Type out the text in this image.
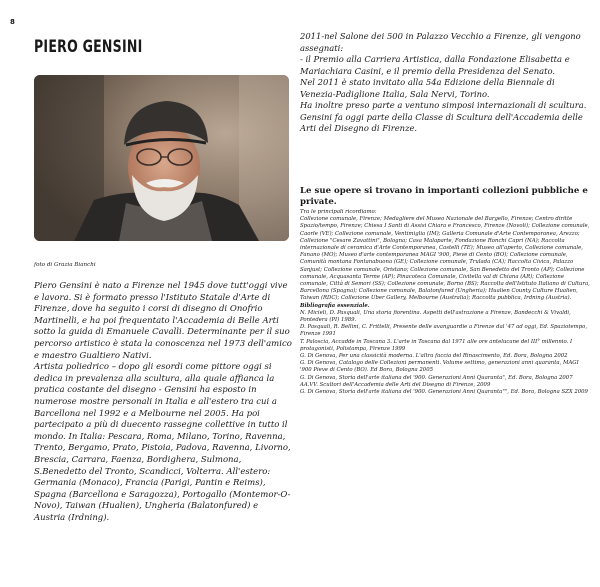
8
PIERO GENSINI
foto di Grazia Bianchi

Piero Gensini è nato a Firenze nel 1945 dove tutt'oggi vive e lavora. Si è formato presso l'Istituto Statale d'Arte di Firenze, dove ha seguito i corsi di disegno di Onofrio Martinelli, e ha poi frequentato l'Accademia di Belle Arti sotto la guida di Emanuele Cavalli. Determinante per il suo percorso artistico è stata la conoscenza nel 1973 dell'amico e maestro Gualtiero Nativi.

Artista poliedrico – dopo gli esordi come pittore oggi si dedica in prevalenza alla scultura, alla quale affianca la pratica costante del disegno - Gensini ha esposto in numerose mostre personali in Italia e all'estero tra cui a Barcellona nel 1992 e a Melbourne nel 2005. Ha poi partecipato a più di duecento rassegne collettive in tutto il mondo. In Italia: Pescara, Roma, Milano, Torino, Ravenna, Trento, Bergamo, Prato, Pistoia, Padova, Ravenna, Livorno, Brescia, Carrara, Faenza, Bordighera, Sulmona, S.Benedetto del Tronto, Scandicci, Volterra. All'estero: Germania (Monaco), Francia (Parigi, Pantin e Reims), Spagna (Barcellona e Saragozza), Portogallo (Montemor-O-Novo), Taiwan (Hualien), Ungheria (Balatonfured) e Austria (Irdning).

2011-nel Salone dei 500 in Palazzo Vecchio a Firenze, gli vengono assegnati:

- il Premio alla Carriera Artistica, dalla Fondazione Elisabetta e Mariachiara Casini, e il premio della Presidenza del Senato.

Nel 2011 è stato invitato alla 54a Edizione della Biennale di Venezia-Padiglione Italia, Sala Nervi, Torino.

Ha inoltre preso parte a ventuno simposi internazionali di scultura.

Gensini fa oggi parte della Classe di Scultura dell'Accademia delle Arti del Disegno di Firenze.

Le sue opere si trovano in importanti collezioni pubbliche e private.

Tra le principali ricordiamo:

Collezione comunale, Firenze; Medagliere del Museo Nazionale del Bargello, Firenze; Centro diritte Spazio/tempo, Firenze; Chiesa I Santi di Assisi Chiara e Francesco, Firenze (Novoli); Collezione comunale, Caorle (VE); Collezione comunale, Ventimiglia (IM); Galleria Comunale d'Arte Contemporanea, Arezzo; Collezione "Cesare Zavattini", Bologna; Casa Malaparte, Fondazione Ronchi Capri (NA); Raccolta internazionale di ceramica d'Arte Contemporanea, Castelli (TE); Museo all'aperto, Collezione comunale, Fanano (MO); Museo d'arte contemporanea MAGI '900, Pieve di Cento (BO); Collezione comunale, Comunità montana Fontanabuona (GE); Collezione comunale, Trulada (CA); Raccolta Civica, Palazzo Sanjust; Collezione comunale, Oristano; Collezione comunale, San Benedetto del Tronto (AP); Collezione comunale, Acquasanta Terme (AP); Pinacoteca Comunale, Civitella val di Chiana (AR); Collezione comunale, Città di Semori (SS); Collezione comunale, Borno (BS); Raccolta dell'Istituto Italiano di Cultura, Barcellona (Spagna); Collezione comunale, Balatonfured (Ungheria); Hualien County Culture Hualien, Taiwan (RDC); Collezione Uber Gallery, Melbourne (Australia); Raccolta pubblica, Irdning (Austria).

Bibliografia essenziale.

N. Micieli, D. Pasquali, Una storia fiorentina. Aspetti dell'astrazione a Firenze, Bandecchi & Vivaldi, Pontedera (PI) 1989.

D. Pasquali, R. Bellini, C. Frittelli, Presente delle avanguardie a Firenze dal '47 ad oggi, Ed. Spaziotempo, Firenze 1991

T. Paloscia, Accadde in Toscana 3. L'arte in Toscana dal 1971 alle ore antelucane del III° millennio. I protagonisti, Polistampa, Firenze 1999

G. Di Genova, Per una classicità moderna. L'altra faccia del Rinascimento, Ed. Bora, Bologna 2002

G. Di Genova, Catalogo delle Collezioni permanenti. Volume settimo, generazioni anni quaranta, MAGI '900 Pieve di Cento (BO). Ed Bora, Bologna 2005

G. Di Genova, Storia dell'arte italiana del '900. Generazioni Anni Quaranta", Ed. Bora, Bologna 2007

AA.VV. Scultori dell'Accademia delle Arti del Disegno di Firenze, 2009

G. Di Genova, Storia dell'arte italiana del '900. Generazioni Anni Quaranta"", Ed. Bora, Bologna SZX 2009
